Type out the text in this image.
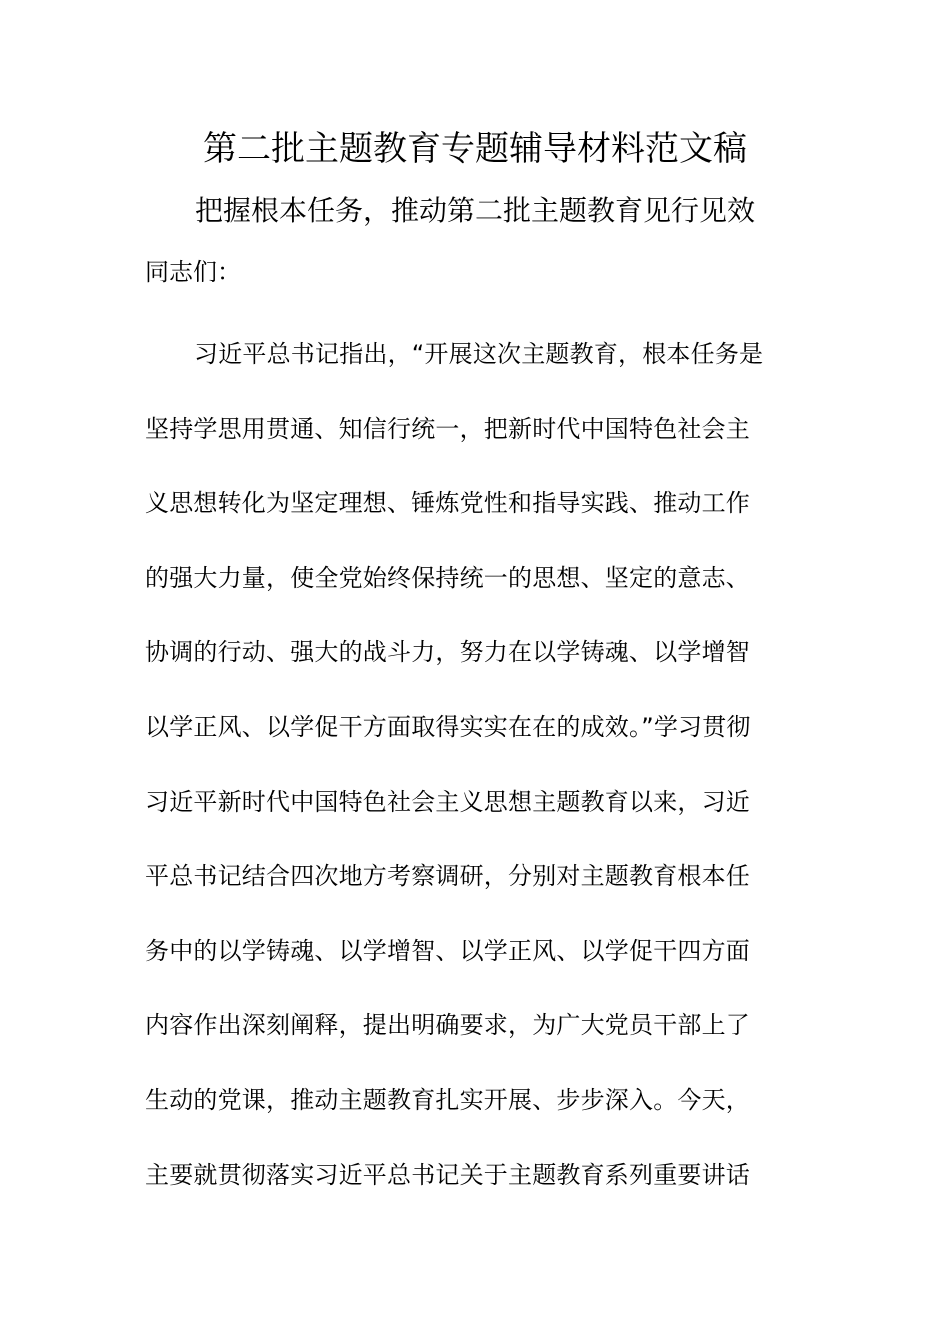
第二批主题教育专题辅导材料范文稿
把握根本任务，推动第二批主题教育见行见效

同志们：

习近平总书记指出，“开展这次主题教育，根本任务是
坚持学思用贯通、知信行统一，把新时代中国特色社会主
义思想转化为坚定理想、锤炼党性和指导实践、推动工作
的强大力量，使全党始终保持统一的思想、坚定的意志、
协调的行动、强大的战斗力，努力在以学铸魂、以学增智
以学正风、以学促干方面取得实实在在的成效。”学习贯彻
习近平新时代中国特色社会主义思想主题教育以来，习近
平总书记结合四次地方考察调研，分别对主题教育根本任
务中的以学铸魂、以学增智、以学正风、以学促干四方面
内容作出深刻阐释，提出明确要求，为广大党员干部上了
生动的党课，推动主题教育扎实开展、步步深入。今天，
主要就贯彻落实习近平总书记关于主题教育系列重要讲话
